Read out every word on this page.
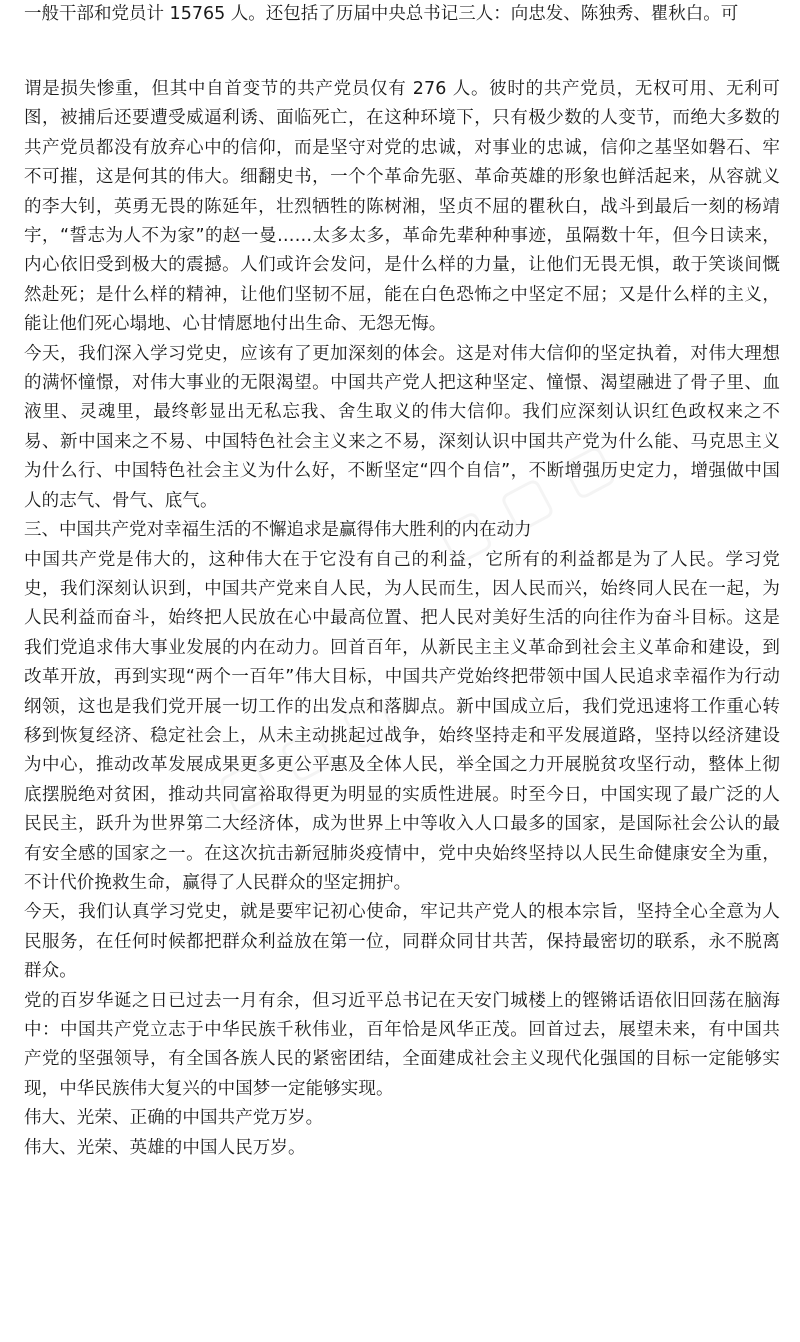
一般干部和党员计 15765 人。还包括了历届中央总书记三人：向忠发、陈独秀、瞿秋白。可

谓是损失惨重，但其中自首变节的共产党员仅有 276 人。彼时的共产党员，无权可用、无利可图，被捕后还要遭受威逼利诱、面临死亡，在这种环境下，只有极少数的人变节，而绝大多数的共产党员都没有放弃心中的信仰，而是坚守对党的忠诚，对事业的忠诚，信仰之基坚如磐石、牢不可摧，这是何其的伟大。细翻史书，一个个革命先驱、革命英雄的形象也鲜活起来，从容就义的李大钊，英勇无畏的陈延年，壮烈牺牲的陈树湘，坚贞不屈的瞿秋白，战斗到最后一刻的杨靖宇，“誓志为人不为家”的赵一曼……太多太多，革命先辈种种事迹，虽隔数十年，但今日读来，内心依旧受到极大的震撼。人们或许会发问，是什么样的力量，让他们无畏无惧，敢于笑谈间慨然赴死；是什么样的精神，让他们坚韧不屈，能在白色恐怖之中坚定不屈；又是什么样的主义，能让他们死心塌地、心甘情愿地付出生命、无怨无悔。

今天，我们深入学习党史，应该有了更加深刻的体会。这是对伟大信仰的坚定执着，对伟大理想的满怀憧憬，对伟大事业的无限渴望。中国共产党人把这种坚定、憧憬、渴望融进了骨子里、血液里、灵魂里，最终彰显出无私忘我、舍生取义的伟大信仰。我们应深刻认识红色政权来之不易、新中国来之不易、中国特色社会主义来之不易，深刻认识中国共产党为什么能、马克思主义为什么行、中国特色社会主义为什么好，不断坚定“四个自信”，不断增强历史定力，增强做中国人的志气、骨气、底气。

三、中国共产党对幸福生活的不懈追求是赢得伟大胜利的内在动力

中国共产党是伟大的，这种伟大在于它没有自己的利益，它所有的利益都是为了人民。学习党史，我们深刻认识到，中国共产党来自人民，为人民而生，因人民而兴，始终同人民在一起，为人民利益而奋斗，始终把人民放在心中最高位置、把人民对美好生活的向往作为奋斗目标。这是我们党追求伟大事业发展的内在动力。回首百年，从新民主主义革命到社会主义革命和建设，到改革开放，再到实现“两个一百年”伟大目标，中国共产党始终把带领中国人民追求幸福作为行动纲领，这也是我们党开展一切工作的出发点和落脚点。新中国成立后，我们党迅速将工作重心转移到恢复经济、稳定社会上，从未主动挑起过战争，始终坚持走和平发展道路，坚持以经济建设为中心，推动改革发展成果更多更公平惠及全体人民，举全国之力开展脱贫攻坚行动，整体上彻底摆脱绝对贫困，推动共同富裕取得更为明显的实质性进展。时至今日，中国实现了最广泛的人民民主，跃升为世界第二大经济体，成为世界上中等收入人口最多的国家，是国际社会公认的最有安全感的国家之一。在这次抗击新冠肺炎疫情中，党中央始终坚持以人民生命健康安全为重，不计代价挽救生命，赢得了人民群众的坚定拥护。

今天，我们认真学习党史，就是要牢记初心使命，牢记共产党人的根本宗旨，坚持全心全意为人民服务，在任何时候都把群众利益放在第一位，同群众同甘共苦，保持最密切的联系，永不脱离群众。

党的百岁华诞之日已过去一月有余，但习近平总书记在天安门城楼上的铿锵话语依旧回荡在脑海中：中国共产党立志于中华民族千秋伟业，百年恰是风华正茂。回首过去，展望未来，有中国共产党的坚强领导，有全国各族人民的紧密团结，全面建成社会主义现代化强国的目标一定能够实现，中华民族伟大复兴的中国梦一定能够实现。

伟大、光荣、正确的中国共产党万岁。

伟大、光荣、英雄的中国人民万岁。
